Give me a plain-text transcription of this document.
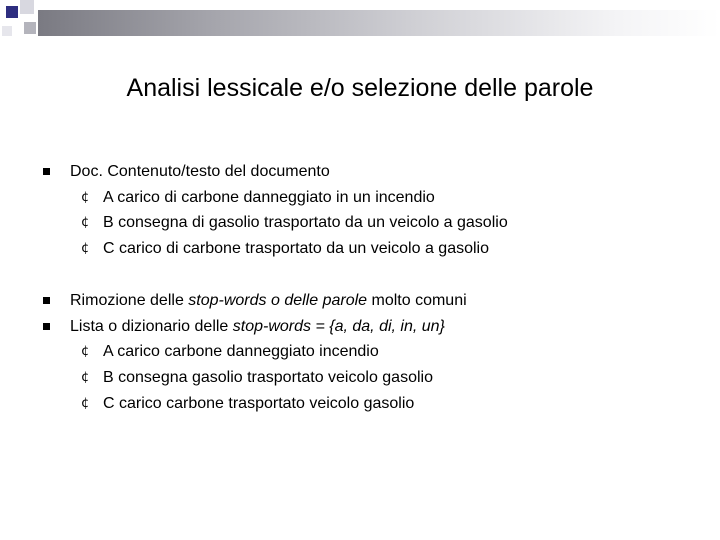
Analisi lessicale e/o selezione delle parole
Doc. Contenuto/testo del documento
¢ A carico di carbone danneggiato in un incendio
¢ B consegna di gasolio trasportato da un veicolo a gasolio
¢ C carico di carbone trasportato da un veicolo a gasolio
Rimozione delle stop-words o delle parole molto comuni
Lista o dizionario delle stop-words = {a, da, di, in, un}
¢ A carico carbone danneggiato incendio
¢ B consegna gasolio trasportato veicolo gasolio
¢ C carico carbone trasportato veicolo gasolio
